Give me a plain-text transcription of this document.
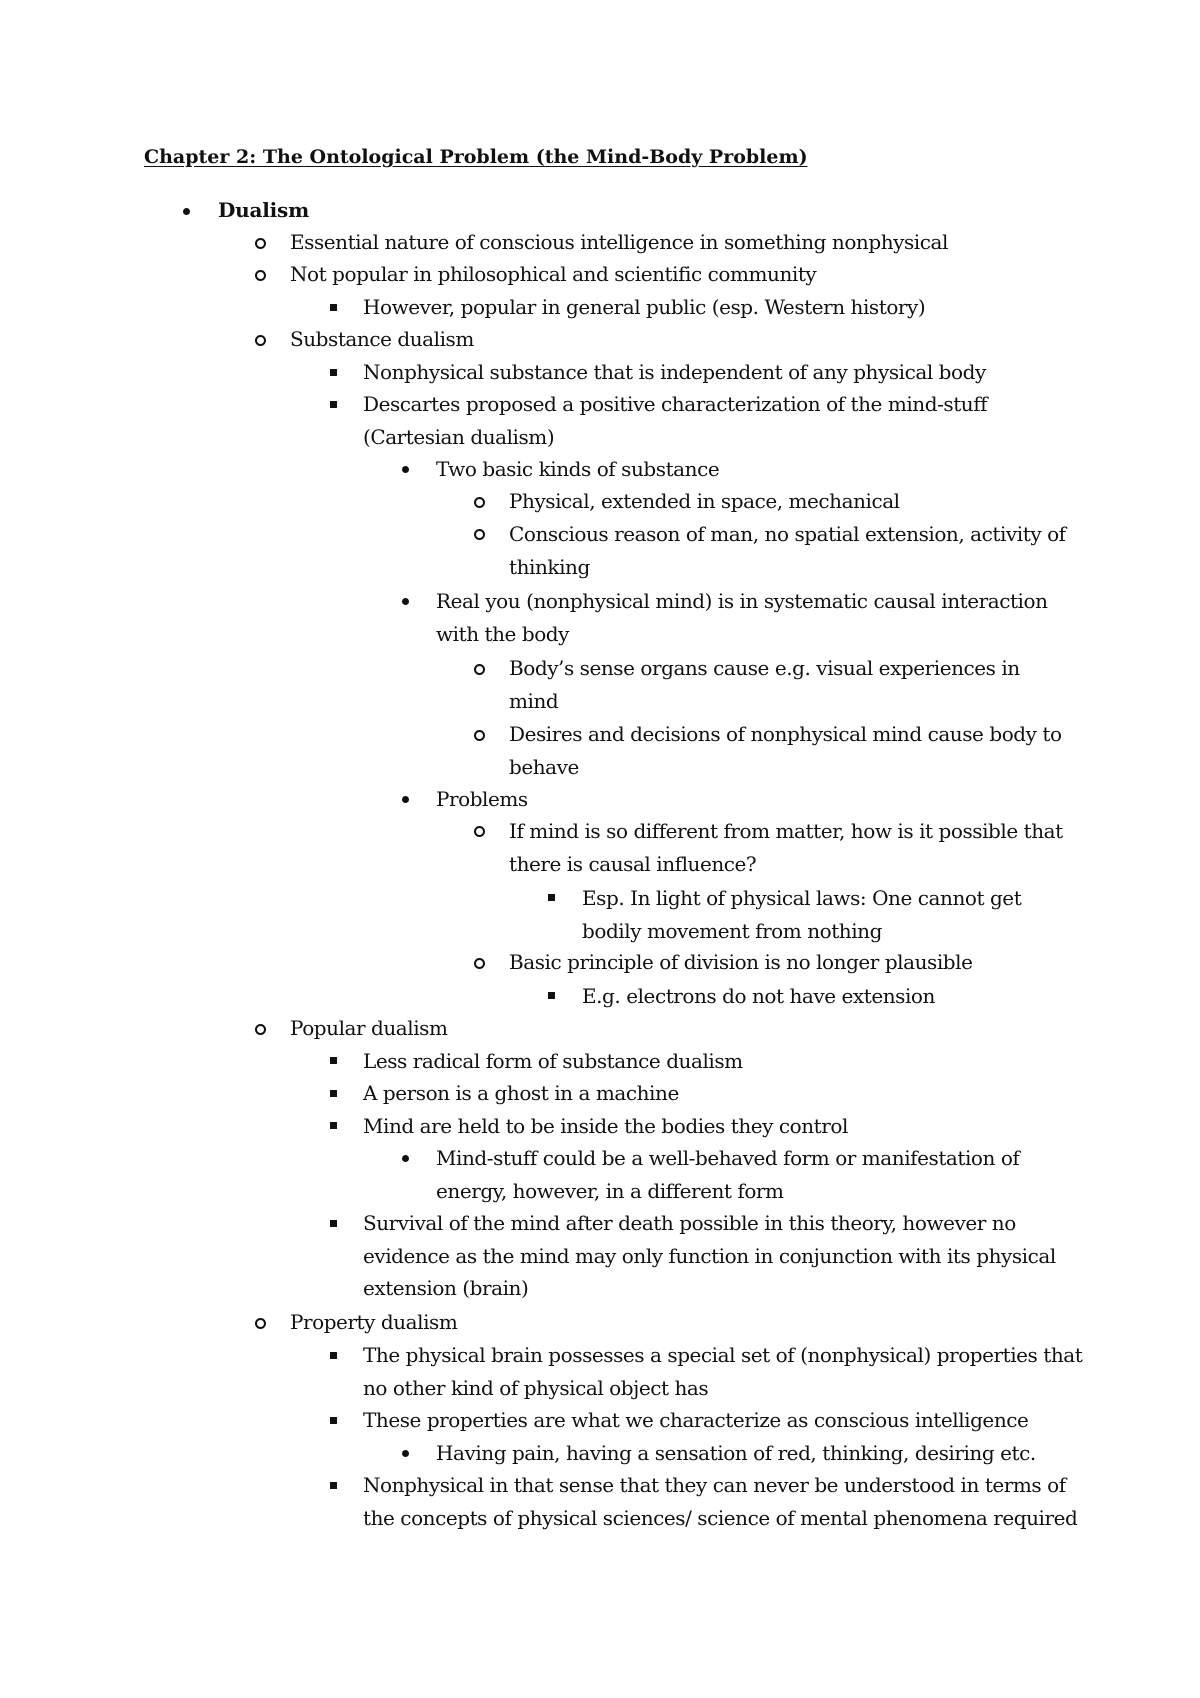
Chapter 2: The Ontological Problem (the Mind-Body Problem)

Dualism

Essential nature of conscious intelligence in something nonphysical

Not popular in philosophical and scientific community

However, popular in general public (esp. Western history)

Substance dualism

Nonphysical substance that is independent of any physical body

Descartes proposed a positive characterization of the mind-stuff (Cartesian dualism)

Two basic kinds of substance

Physical, extended in space, mechanical

Conscious reason of man, no spatial extension, activity of thinking

Real you (nonphysical mind) is in systematic causal interaction with the body

Body’s sense organs cause e.g. visual experiences in mind

Desires and decisions of nonphysical mind cause body to behave

Problems

If mind is so different from matter, how is it possible that there is causal influence?

Esp. In light of physical laws: One cannot get bodily movement from nothing

Basic principle of division is no longer plausible

E.g. electrons do not have extension

Popular dualism

Less radical form of substance dualism

A person is a ghost in a machine

Mind are held to be inside the bodies they control

Mind-stuff could be a well-behaved form or manifestation of energy, however, in a different form

Survival of the mind after death possible in this theory, however no evidence as the mind may only function in conjunction with its physical extension (brain)

Property dualism

The physical brain possesses a special set of (nonphysical) properties that no other kind of physical object has

These properties are what we characterize as conscious intelligence

Having pain, having a sensation of red, thinking, desiring etc.

Nonphysical in that sense that they can never be understood in terms of the concepts of physical sciences/ science of mental phenomena required
